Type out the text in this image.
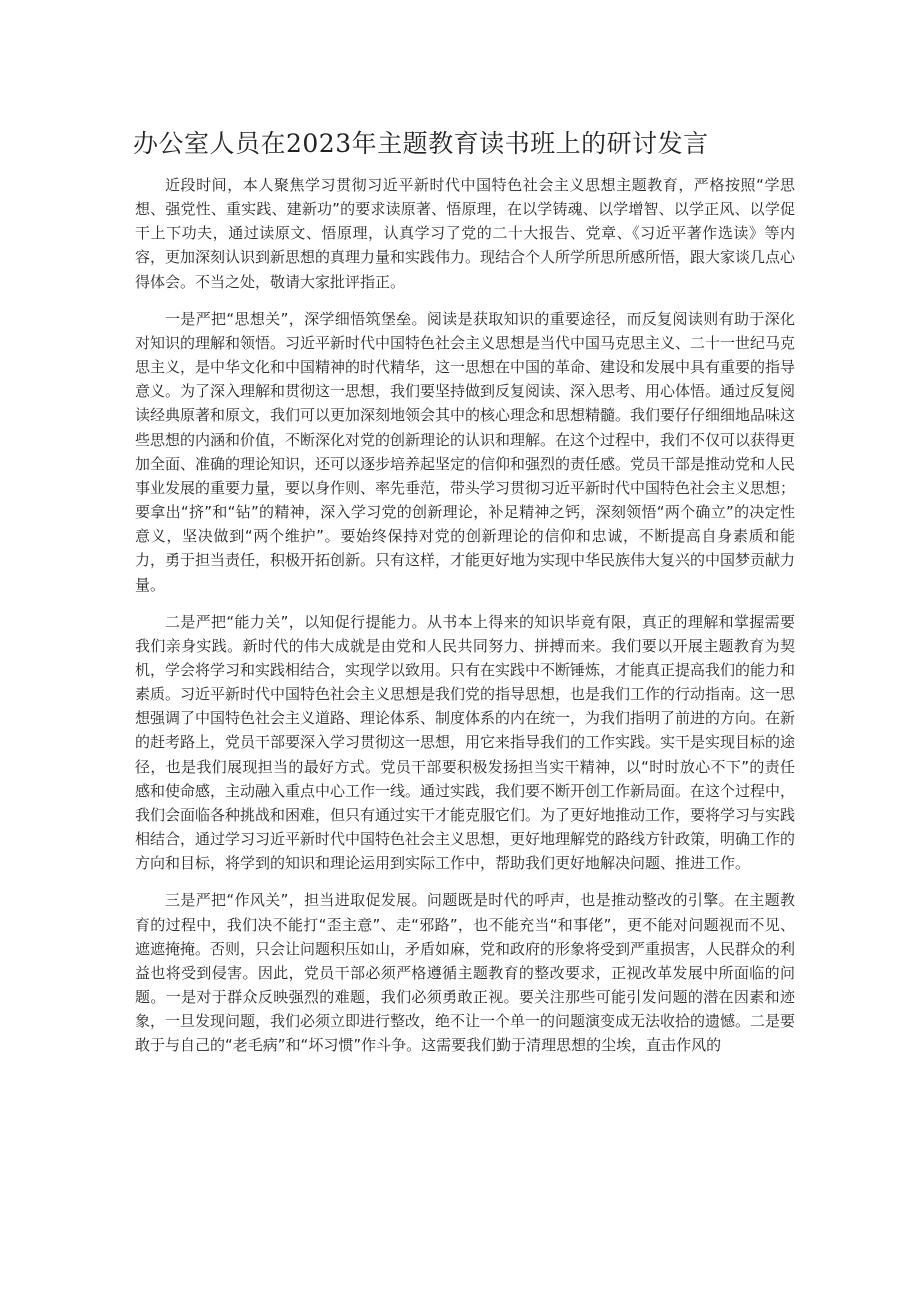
办公室人员在2023年主题教育读书班上的研讨发言

近段时间，本人聚焦学习贯彻习近平新时代中国特色社会主义思想主题教育，严格按照“学思想、强党性、重实践、建新功”的要求读原著、悟原理，在以学铸魂、以学增智、以学正风、以学促干上下功夫，通过读原文、悟原理，认真学习了党的二十大报告、党章、《习近平著作选读》等内容，更加深刻认识到新思想的真理力量和实践伟力。现结合个人所学所思所感所悟，跟大家谈几点心得体会。不当之处，敬请大家批评指正。

一是严把“思想关”，深学细悟筑堡垒。阅读是获取知识的重要途径，而反复阅读则有助于深化对知识的理解和领悟。习近平新时代中国特色社会主义思想是当代中国马克思主义、二十一世纪马克思主义，是中华文化和中国精神的时代精华，这一思想在中国的革命、建设和发展中具有重要的指导意义。为了深入理解和贯彻这一思想，我们要坚持做到反复阅读、深入思考、用心体悟。通过反复阅读经典原著和原文，我们可以更加深刻地领会其中的核心理念和思想精髓。我们要仔仔细细地品味这些思想的内涵和价值，不断深化对党的创新理论的认识和理解。在这个过程中，我们不仅可以获得更加全面、准确的理论知识，还可以逐步培养起坚定的信仰和强烈的责任感。党员干部是推动党和人民事业发展的重要力量，要以身作则、率先垂范，带头学习贯彻习近平新时代中国特色社会主义思想；要拿出“挤”和“钻”的精神，深入学习党的创新理论，补足精神之钙，深刻领悟“两个确立”的决定性意义，坚决做到“两个维护”。要始终保持对党的创新理论的信仰和忠诚，不断提高自身素质和能力，勇于担当责任，积极开拓创新。只有这样，才能更好地为实现中华民族伟大复兴的中国梦贡献力量。

二是严把“能力关”，以知促行提能力。从书本上得来的知识毕竟有限，真正的理解和掌握需要我们亲身实践。新时代的伟大成就是由党和人民共同努力、拼搏而来。我们要以开展主题教育为契机，学会将学习和实践相结合，实现学以致用。只有在实践中不断锤炼，才能真正提高我们的能力和素质。习近平新时代中国特色社会主义思想是我们党的指导思想，也是我们工作的行动指南。这一思想强调了中国特色社会主义道路、理论体系、制度体系的内在统一，为我们指明了前进的方向。在新的赶考路上，党员干部要深入学习贯彻这一思想，用它来指导我们的工作实践。实干是实现目标的途径，也是我们展现担当的最好方式。党员干部要积极发扬担当实干精神，以“时时放心不下”的责任感和使命感，主动融入重点中心工作一线。通过实践，我们要不断开创工作新局面。在这个过程中，我们会面临各种挑战和困难，但只有通过实干才能克服它们。为了更好地推动工作，要将学习与实践相结合，通过学习习近平新时代中国特色社会主义思想，更好地理解党的路线方针政策，明确工作的方向和目标，将学到的知识和理论运用到实际工作中，帮助我们更好地解决问题、推进工作。

三是严把“作风关”，担当进取促发展。问题既是时代的呼声，也是推动整改的引擎。在主题教育的过程中，我们决不能打“歪主意”、走“邪路”，也不能充当“和事佬”，更不能对问题视而不见、遮遮掩掩。否则，只会让问题积压如山，矛盾如麻，党和政府的形象将受到严重损害，人民群众的利益也将受到侵害。因此，党员干部必须严格遵循主题教育的整改要求，正视改革发展中所面临的问题。一是对于群众反映强烈的难题，我们必须勇敢正视。要关注那些可能引发问题的潜在因素和迹象，一旦发现问题，我们必须立即进行整改，绝不让一个单一的问题演变成无法收拾的遗憾。二是要敢于与自己的“老毛病”和“坏习惯”作斗争。这需要我们勤于清理思想的尘埃，直击作风的
